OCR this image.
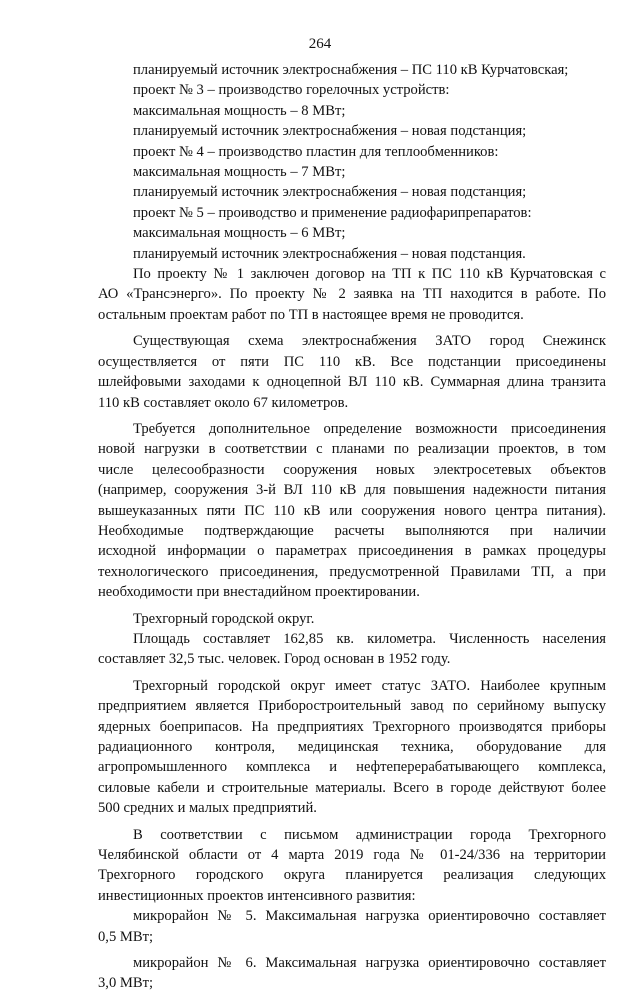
264
планируемый источник электроснабжения – ПС 110 кВ Курчатовская;
проект № 3 – производство горелочных устройств:
максимальная мощность – 8 МВт;
планируемый источник электроснабжения – новая подстанция;
проект № 4 – производство пластин для теплообменников:
максимальная мощность – 7 МВт;
планируемый источник электроснабжения – новая подстанция;
проект № 5 – проиводство и применение радиофарипрепаратов:
максимальная мощность – 6 МВт;
планируемый источник электроснабжения – новая подстанция.
По проекту № 1 заключен договор на ТП к ПС 110 кВ Курчатовская с
АО «Трансэнерго». По проекту № 2 заявка на ТП находится в работе. По
остальным проектам работ по ТП в настоящее время не проводится.
Существующая схема электроснабжения ЗАТО город Снежинск
осуществляется от пяти ПС 110 кВ. Все подстанции присоединены
шлейфовыми заходами к одноцепной ВЛ 110 кВ. Суммарная длина транзита
110 кВ составляет около 67 километров.
Требуется дополнительное определение возможности присоединения
новой нагрузки в соответствии с планами по реализации проектов, в том
числе целесообразности сооружения новых электросетевых объектов
(например, сооружения 3-й ВЛ 110 кВ для повышения надежности питания
вышеуказанных пяти ПС 110 кВ или сооружения нового центра питания).
Необходимые подтверждающие расчеты выполняются при наличии
исходной информации о параметрах присоединения в рамках процедуры
технологического присоединения, предусмотренной Правилами ТП, а при
необходимости при внестадийном проектировании.
Трехгорный городской округ.
Площадь составляет 162,85 кв. километра. Численность населения
составляет 32,5 тыс. человек. Город основан в 1952 году.
Трехгорный городской округ имеет статус ЗАТО. Наиболее крупным
предприятием является Приборостроительный завод по серийному выпуску
ядерных боеприпасов. На предприятиях Трехгорного производятся приборы
радиационного контроля, медицинская техника, оборудование для
агропромышленного комплекса и нефтеперерабатывающего комплекса,
силовые кабели и строительные материалы. Всего в городе действуют более
500 средних и малых предприятий.
В соответствии с письмом администрации города Трехгорного
Челябинской области от 4 марта 2019 года № 01-24/336 на территории
Трехгорного городского округа планируется реализация следующих
инвестиционных проектов интенсивного развития:
микрорайон № 5. Максимальная нагрузка ориентировочно составляет
0,5 МВт;
микрорайон № 6. Максимальная нагрузка ориентировочно составляет
3,0 МВт;
